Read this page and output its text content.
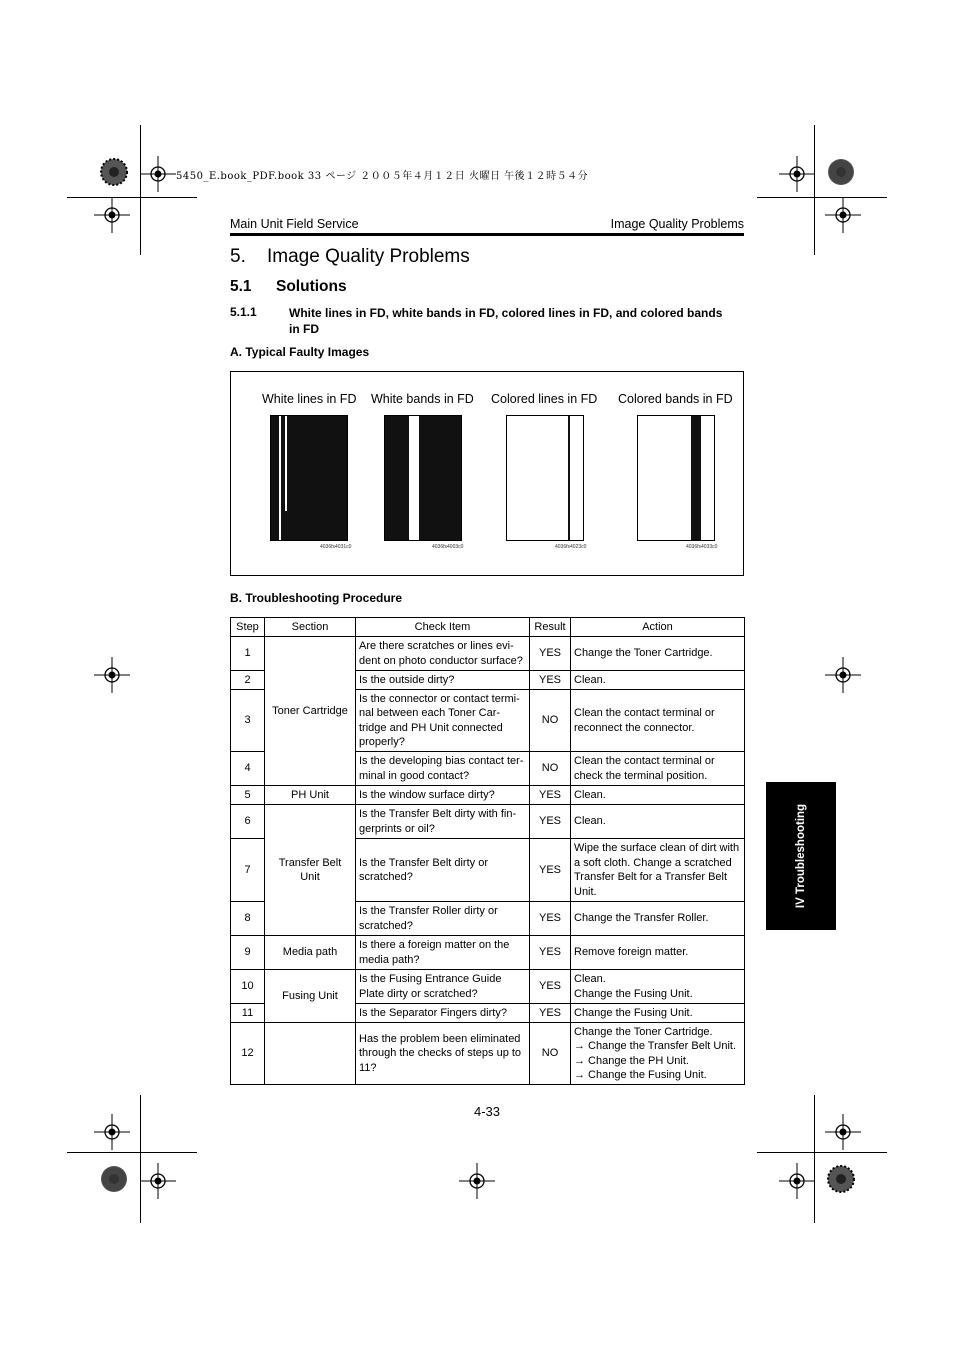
5450_E.book_PDF.book 33 ページ ２００５年４月１２日 火曜日 午後１２時５４分
Main Unit Field Service	Image Quality Problems
5. Image Quality Problems
5.1 Solutions
5.1.1	White lines in FD, white bands in FD, colored lines in FD, and colored bands in FD
A. Typical Faulty Images
White lines in FD White bands in FD Colored lines in FD Colored bands in FD
4036fs4031c0	4036fs4003c0	4036fs4023c0	4036fs4033c0
B. Troubleshooting Procedure
Step	Section	Check Item	Result	Action
1	Toner Cartridge	Are there scratches or lines evi-dent on photo conductor surface?	YES	Change the Toner Cartridge.
2		Is the outside dirty?	YES	Clean.
3		Is the connector or contact termi-nal between each Toner Car-tridge and PH Unit connected properly?	NO	Clean the contact terminal or reconnect the connector.
4		Is the developing bias contact ter-minal in good contact?	NO	Clean the contact terminal or check the terminal position.
5	PH Unit	Is the window surface dirty?	YES	Clean.
6	Transfer Belt Unit	Is the Transfer Belt dirty with fin-gerprints or oil?	YES	Clean.
7		Is the Transfer Belt dirty or scratched?	YES	Wipe the surface clean of dirt with a soft cloth. Change a scratched Transfer Belt for a Transfer Belt Unit.
8		Is the Transfer Roller dirty or scratched?	YES	Change the Transfer Roller.
9	Media path	Is there a foreign matter on the media path?	YES	Remove foreign matter.
10	Fusing Unit	Is the Fusing Entrance Guide Plate dirty or scratched?	YES	Clean.
Change the Fusing Unit.

11		Is the Separator Fingers dirty?	YES	Change the Fusing Unit.
12		Has the problem been eliminated through the checks of steps up to 11?	NO	Change the Toner Cartridge.
→ Change the Transfer Belt Unit.
→ Change the PH Unit.
→ Change the Fusing Unit.
IV Troubleshooting
4-33
